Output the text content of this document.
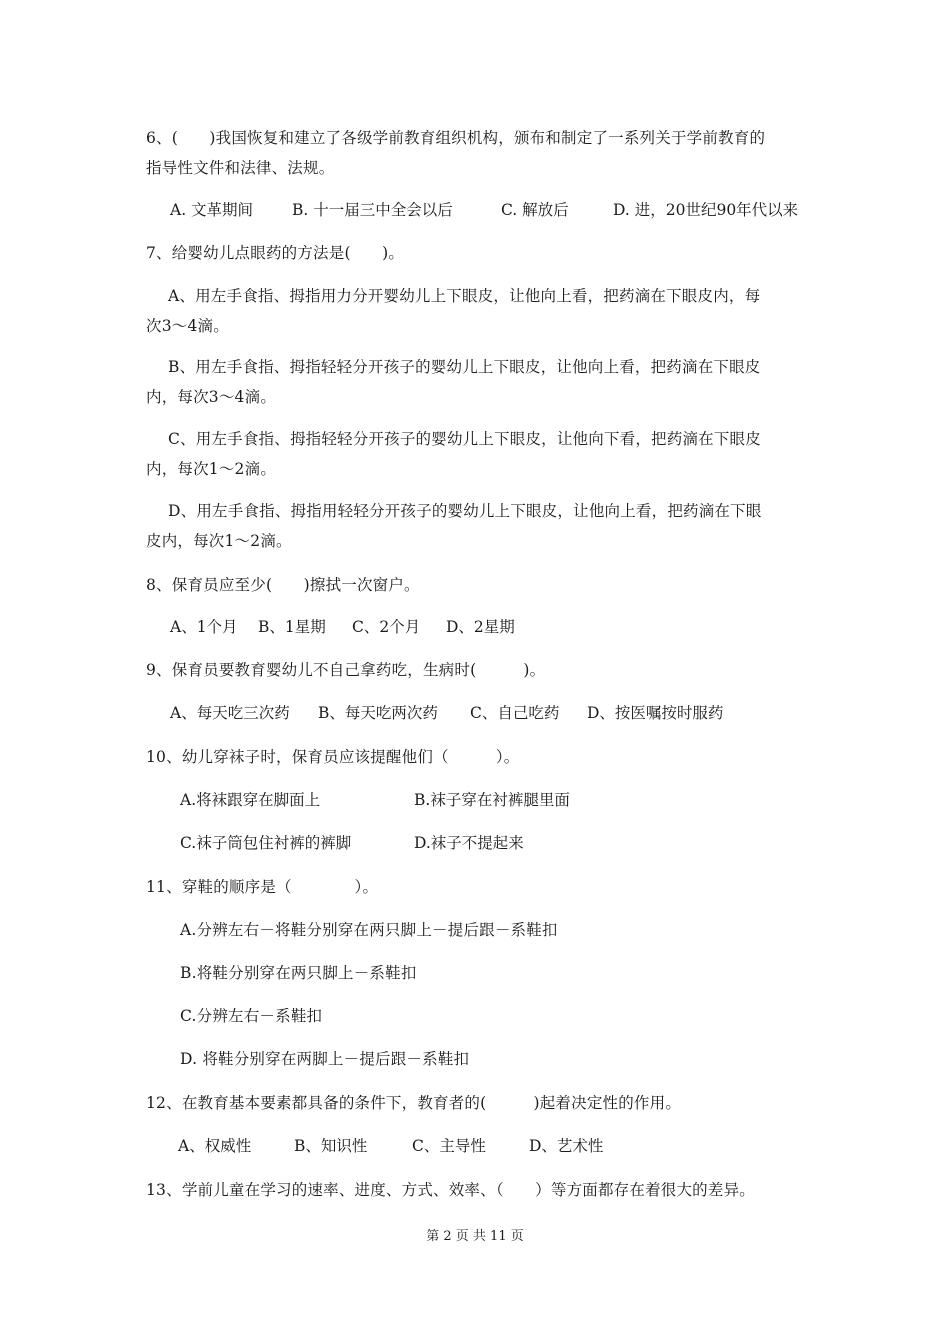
6、(　　)我国恢复和建立了各级学前教育组织机构，颁布和制定了一系列关于学前教育的
指导性文件和法律、法规。
A. 文革期间	B. 十一届三中全会以后	C. 解放后	D. 进，20世纪90年代以来
7、给婴幼儿点眼药的方法是(　　)。
A、用左手食指、拇指用力分开婴幼儿上下眼皮，让他向上看，把药滴在下眼皮内，每
次3～4滴。
B、用左手食指、拇指轻轻分开孩子的婴幼儿上下眼皮，让他向上看，把药滴在下眼皮
内，每次3～4滴。
C、用左手食指、拇指轻轻分开孩子的婴幼儿上下眼皮，让他向下看，把药滴在下眼皮
内，每次1～2滴。
D、用左手食指、拇指用轻轻分开孩子的婴幼儿上下眼皮，让他向上看，把药滴在下眼
皮内，每次1～2滴。
8、保育员应至少(　　)擦拭一次窗户。
A、1个月 B、1星期 C、2个月 D、2星期
9、保育员要教育婴幼儿不自己拿药吃，生病时(　　　)。
A、每天吃三次药 B、每天吃两次药 C、自己吃药 D、按医嘱按时服药
10、幼儿穿袜子时，保育员应该提醒他们（　　　）。
A.将袜跟穿在脚面上	B.袜子穿在衬裤腿里面
C.袜子筒包住衬裤的裤脚	D.袜子不提起来
11、穿鞋的顺序是（　　　　）。
A.分辨左右－将鞋分别穿在两只脚上－提后跟－系鞋扣
B.将鞋分别穿在两只脚上－系鞋扣
C.分辨左右－系鞋扣
D. 将鞋分别穿在两脚上－提后跟－系鞋扣
12、在教育基本要素都具备的条件下，教育者的(　　　)起着决定性的作用。
A、权威性	B、知识性	C、主导性	D、艺术性
13、学前儿童在学习的速率、进度、方式、效率、（　　）等方面都存在着很大的差异。
第 2 页 共 11 页
